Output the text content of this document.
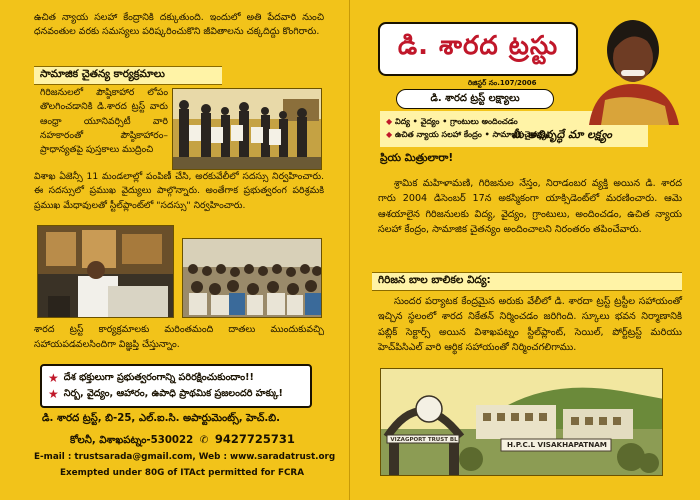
ఉచిత న్యాయ సలహా కేంద్రానికి దక్కుతుంది. ఇందులో అతి పేదవారి నుంచి ధనవంతుల వరకు సమస్యలు పరిష్కరించుకొని జీవితాలను చక్కదిద్దు కొంగిరారు.

సామాజిక చైతన్య కార్యక్రమాలు

గిరిజనులలో పౌష్ఠికాహార లోపం తొలగించడానికి డి.శారద ట్రస్ట్ వారు ఆంధ్రా యూనివర్సిటీ వారి నహకారంతో పౌష్ఠికాహారం– ప్రాధాన్యతపై పుస్తకాలు ముద్రించి

విశాఖ ఏజెన్సీ 11 మండలాల్లో పంపిణీ చేసి, అరకువేలీలో సదస్సు నిర్వహించారు. ఈ సదస్సులో ప్రముఖ వైద్యులు పాల్గొన్నారు. అంతేగాక ప్రభుత్వరంగ పరిశ్రమకి ప్రముఖ మేధావులతో స్టీల్‌ప్లాంట్‌లో "సదస్సు" నిర్వహించారు.

శారద ట్రస్ట్ కార్యక్రమాలకు మరింతమంది దాతలు ముందుకువచ్చి సహాయపడవలసిందిగా విజ్ఞప్తి చేస్తున్నాం.

★ దేశ భక్తులుగా ప్రభుత్వరంగాన్ని పరిరక్షించుకుందాం!!
★ నిర్బ, వైద్యం, ఆహారం, ఉపాధి ప్రాథమిక ప్రజలందరి హక్కు!
డి. శారద ట్రస్ట్, బి-25, ఎల్.ఐ.సి. అపార్టుమెంట్స్, హెచ్.బి.
కోలనీ, విశాఖపట్నం-530022 ✆ 9427725731
E-mail : trustsarada@gmail.com, Web : www.saradatrust.org
Exempted under 80G of ITAct permitted for FCRA
డి. శారద ట్రస్టు
రిజిస్టర్ నం.107/2006
డి. శారద ట్రస్ట్ లక్ష్యాలు
◆ విద్య • వైద్యం • గ్రాంటులు అందించడం
◆ ఉచిత న్యాయ సలహా కేంద్రం • సామాజిక చైతన్యం
మీ అభివృద్ధే మా లక్ష్యం
ప్రియ మిత్రులారా!

శ్రామిక మహిళామణి, గిరిజనుల నేస్తం, నిరాడంబర వ్యక్తి అయిన డి. శారద గారు 2004 డిసెంబర్ 17న అకస్మికంగా యాక్సిడెంట్‌లో మరణించారు. ఆమె ఆశయాలైన గిరిజనులకు విద్య, వైద్యం, గ్రాంటులు, అందించడం, ఉచిత న్యాయ సలహా కేంద్రం, సామాజిక చైతన్యం అందించాలని నిరంతరం తపించేవారు.

గిరిజన బాల బాలికల విద్య:

సుందర పర్యాటక కేంద్రమైన అరుకు వేలీలో డి. శారదా ట్రస్ట్ ట్రస్టీల సహాయంతో ఇచ్చిన స్థలంలో శారద నికేతన్ నిర్మించడం జరిగింది. స్కూలు భవన నిర్మాణానికి పబ్లిక్ సెక్టార్స్ అయిన విశాఖపట్నం స్టీల్‌ప్లాంట్, సెయిల్, పోర్ట్‌ట్రస్ట్ మరియు హెచ్‌పిసిఎల్ వారి ఆర్థిక సహాయంతో నిర్మించగలిగాము.

VIZAGPORT TRUST BL	H.P.C.L VISAKHAPATNAM
